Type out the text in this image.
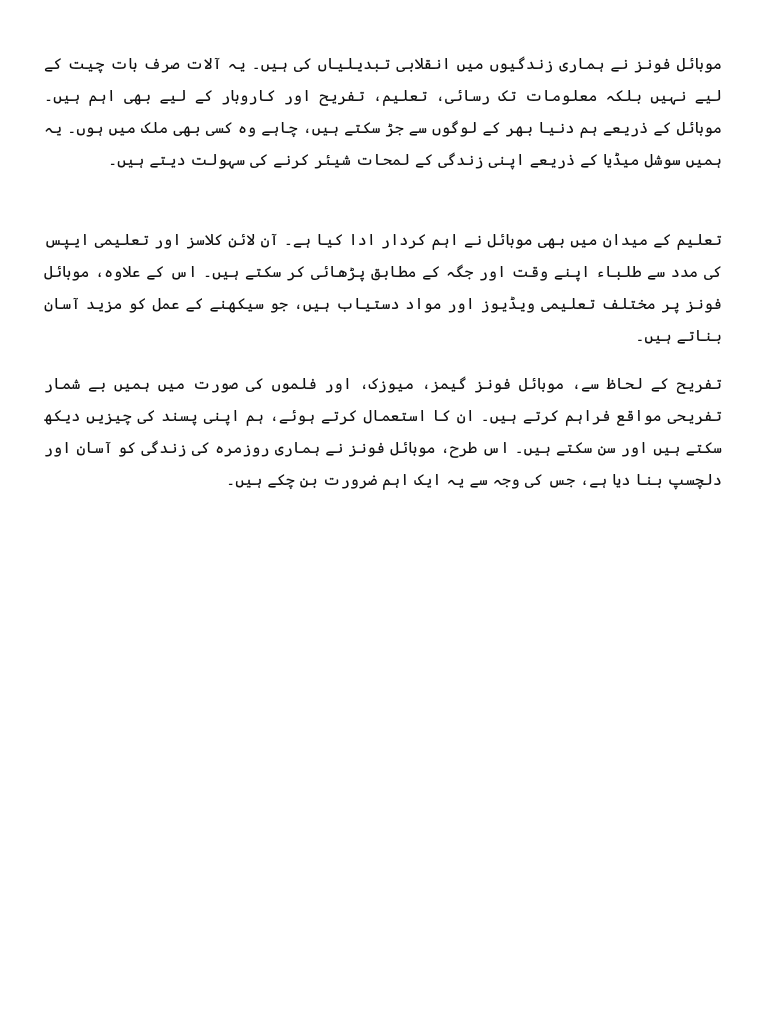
موبائل فونز نے ہماری زندگیوں میں انقلابی تبدیلیاں کی ہیں۔ یہ آلات صرف بات چیت کے لیے نہیں بلکہ معلومات تک رسائی، تعلیم، تفریح اور کاروبار کے لیے بھی اہم ہیں۔ موبائل کے ذریعے ہم دنیا بھر کے لوگوں سے جڑ سکتے ہیں، چاہے وہ کسی بھی ملک میں ہوں۔ یہ ہمیں سوشل میڈیا کے ذریعے اپنی زندگی کے لمحات شیئر کرنے کی سہولت دیتے ہیں۔

تعلیم کے میدان میں بھی موبائل نے اہم کردار ادا کیا ہے۔ آن لائن کلاسز اور تعلیمی ایپس کی مدد سے طلباء اپنے وقت اور جگہ کے مطابق پڑھائی کر سکتے ہیں۔ اس کے علاوہ، موبائل فونز پر مختلف تعلیمی ویڈیوز اور مواد دستیاب ہیں، جو سیکھنے کے عمل کو مزید آسان بناتے ہیں۔

تفریح کے لحاظ سے، موبائل فونز گیمز، میوزک، اور فلموں کی صورت میں ہمیں بے شمار تفریحی مواقع فراہم کرتے ہیں۔ ان کا استعمال کرتے ہوئے، ہم اپنی پسند کی چیزیں دیکھ سکتے ہیں اور سن سکتے ہیں۔ اس طرح، موبائل فونز نے ہماری روزمرہ کی زندگی کو آسان اور دلچسپ بنا دیا ہے، جس کی وجہ سے یہ ایک اہم ضرورت بن چکے ہیں۔
